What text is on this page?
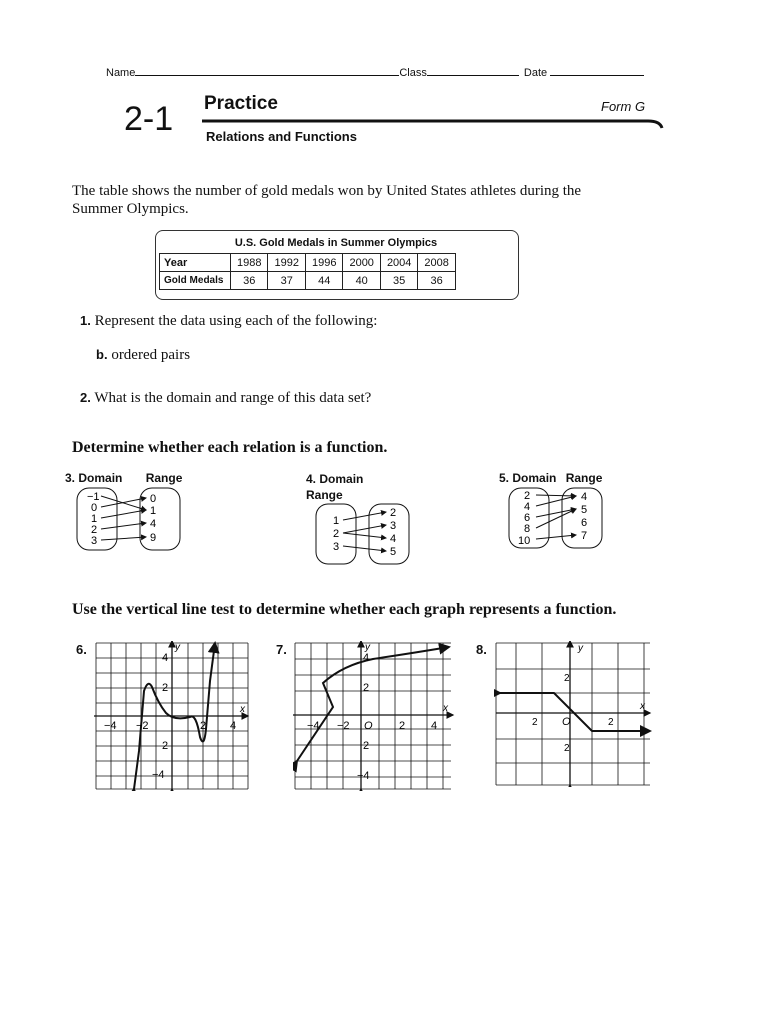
Name	Class	Date
2-1 Practice	Form G
Relations and Functions
The table shows the number of gold medals won by United States athletes during the Summer Olympics.
U.S. Gold Medals in Summer Olympics
Year	1988	1992	1996	2000	2004	2008
Gold Medals	36	37	44	40	35	36
1. Represent the data using each of the following:
b. ordered pairs
2. What is the domain and range of this data set?
Determine whether each relation is a function.
3. Domain Range
−1
0
1
2
3
0
1
4
9
4. Domain
Range
1
2
3
2
3
4
5
5. Domain Range
2
4
6
8
10
4
5
6
7
Use the vertical line test to determine whether each graph represents a function.
6.	y
x
4
2
−4 −2	2 4
2
−4
7.	y
x
4
2
−4 −2 O 2 4
2
−4
8.	y
x
2
2 O	2
2
